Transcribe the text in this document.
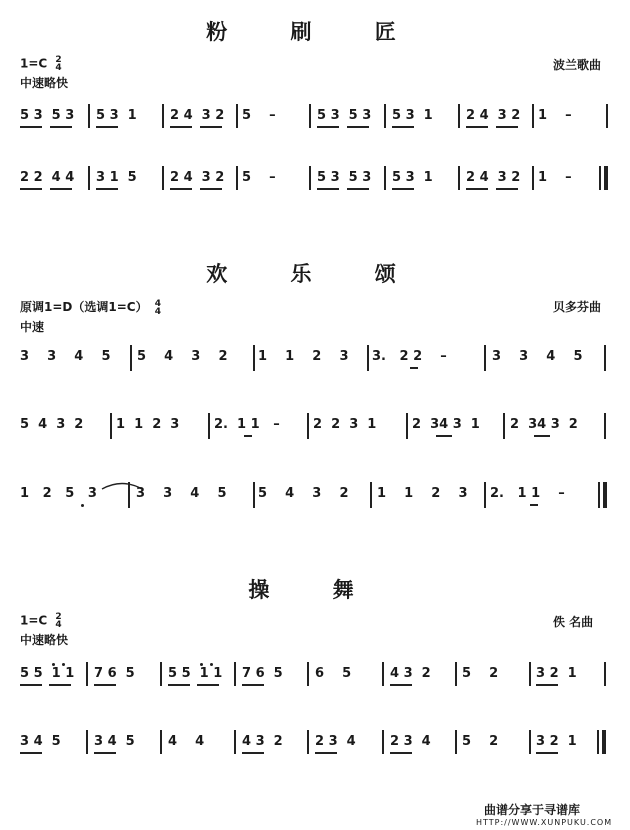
粉 刷 匠
1=C 2
4
中速略快
波兰歌曲
5 3  5 3 5 3  1	2 4  3 2 5    –	5 3  5 3 5 3  1	2 4  3 2 1    –
2 2  4 4 3 1  5	2 4  3 2 5    –	5 3  5 3 5 3  1	2 4  3 2 1    –
欢 乐 颂
原调1=D（选调1=C） 4
4
中速
贝多芬曲
3    3    4    5 5    4    3    2 1    1    2    3 3.   2 2    –	3    3    4    5
5  4  3  2	1  1  2  3	2.  1 1   –	2  2  3  1	2  34 3  1 2  34 3  2
1   2   5   3	3    3    4    5 5    4    3    2 1    1    2    3 2.   1 1    –
操 舞
1=C 2
4
中速略快
佚 名曲
5 5  1 1 7 6  5	5 5  1 1 7 6  5 6    5	4 3  2 5    2	3 2  1
3 4  5	3 4  5	4    4	4 3  2 2 3  4	2 3  4 5    2	3 2  1
曲谱分享于寻谱库
HTTP://WWW.XUNPUKU.COM
